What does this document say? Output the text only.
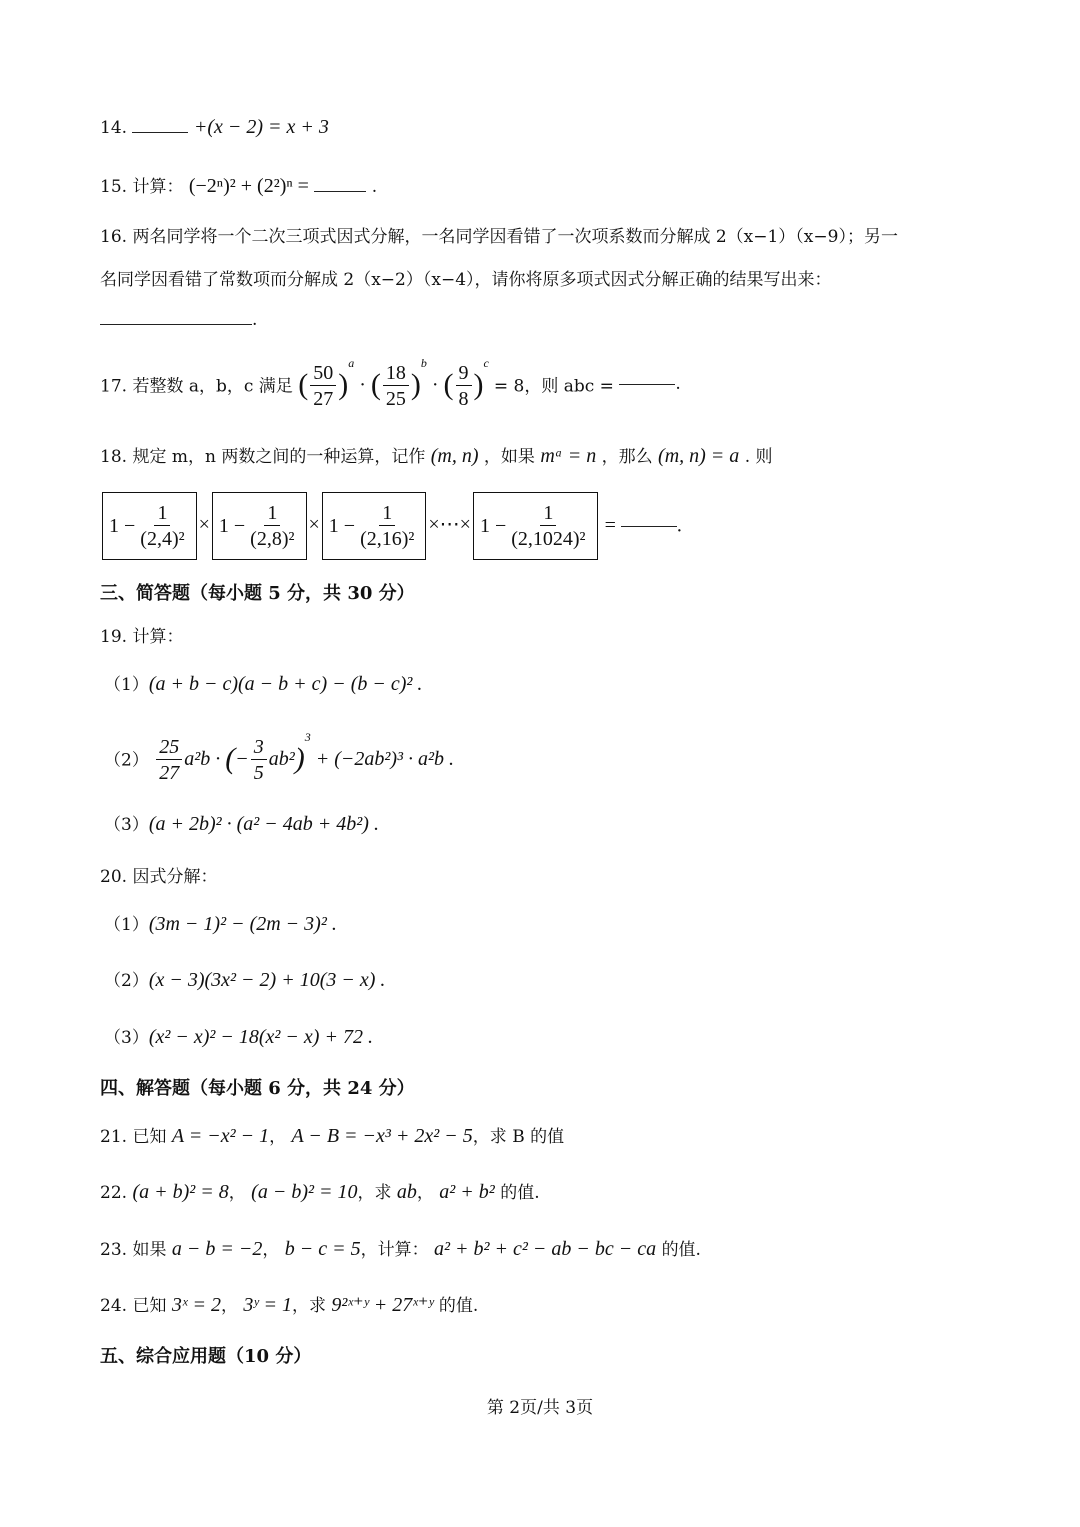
14.	+(x − 2) = x + 3
15. 计算： (−2ⁿ)² + (2²)ⁿ =	.
16. 两名同学将一个二次三项式因式分解，一名同学因看错了一次项系数而分解成 2（x−1）（x−9）；另一
名同学因看错了常数项而分解成 2（x−2）（x−4），请你将原多项式因式分解正确的结果写出来：
.
17. 若整数 a，b，c 满足 ( $\frac{50}{27} )^a$ · ( $\frac{18}{25} )^b$ · ( $\frac{9}{8} )^c = 8$，则 abc =	.
18. 规定 m，n 两数之间的一种运算，记作 (m, n) ，如果 mᵃ = n ，那么 (m, n) = a . 则
$1 - \frac{1}{\text{(2,4)²}} \times 1 - \frac{1}{\text{(2,8)²}} \times 1 - \frac{1}{\text{(2,16)²}}$ ×⋯× $1 - \frac{1}{\text{(2,1024)²}}$ =	.
三、简答题（每小题 5 分，共 30 分）
19. 计算：
（1）(a + b − c)(a − b + c) − (b − c)² .
$(2) \frac{25}{27} a^2b$ · (− $\frac{3}{5} ab^2)^3 + (-2ab^2)^3 \cdot a^2b$ .
（3）(a + 2b)² · (a² − 4ab + 4b²) .
20. 因式分解：
（1）(3m − 1)² − (2m − 3)² .
（2）(x − 3)(3x² − 2) + 10(3 − x) .
（3）(x² − x)² − 18(x² − x) + 72 .
四、解答题（每小题 6 分，共 24 分）
21. 已知 A = −x² − 1， A − B = −x³ + 2x² − 5，求 B 的值
22. (a + b)² = 8， (a − b)² = 10，求 ab， a² + b² 的值.
23. 如果 a − b = −2， b − c = 5，计算： a² + b² + c² − ab − bc − ca 的值.
24. 已知 3ˣ = 2， 3ʸ = 1，求 9²ˣ⁺ʸ + 27ˣ⁺ʸ 的值.
五、综合应用题（10 分）
第 2页/共 3页
